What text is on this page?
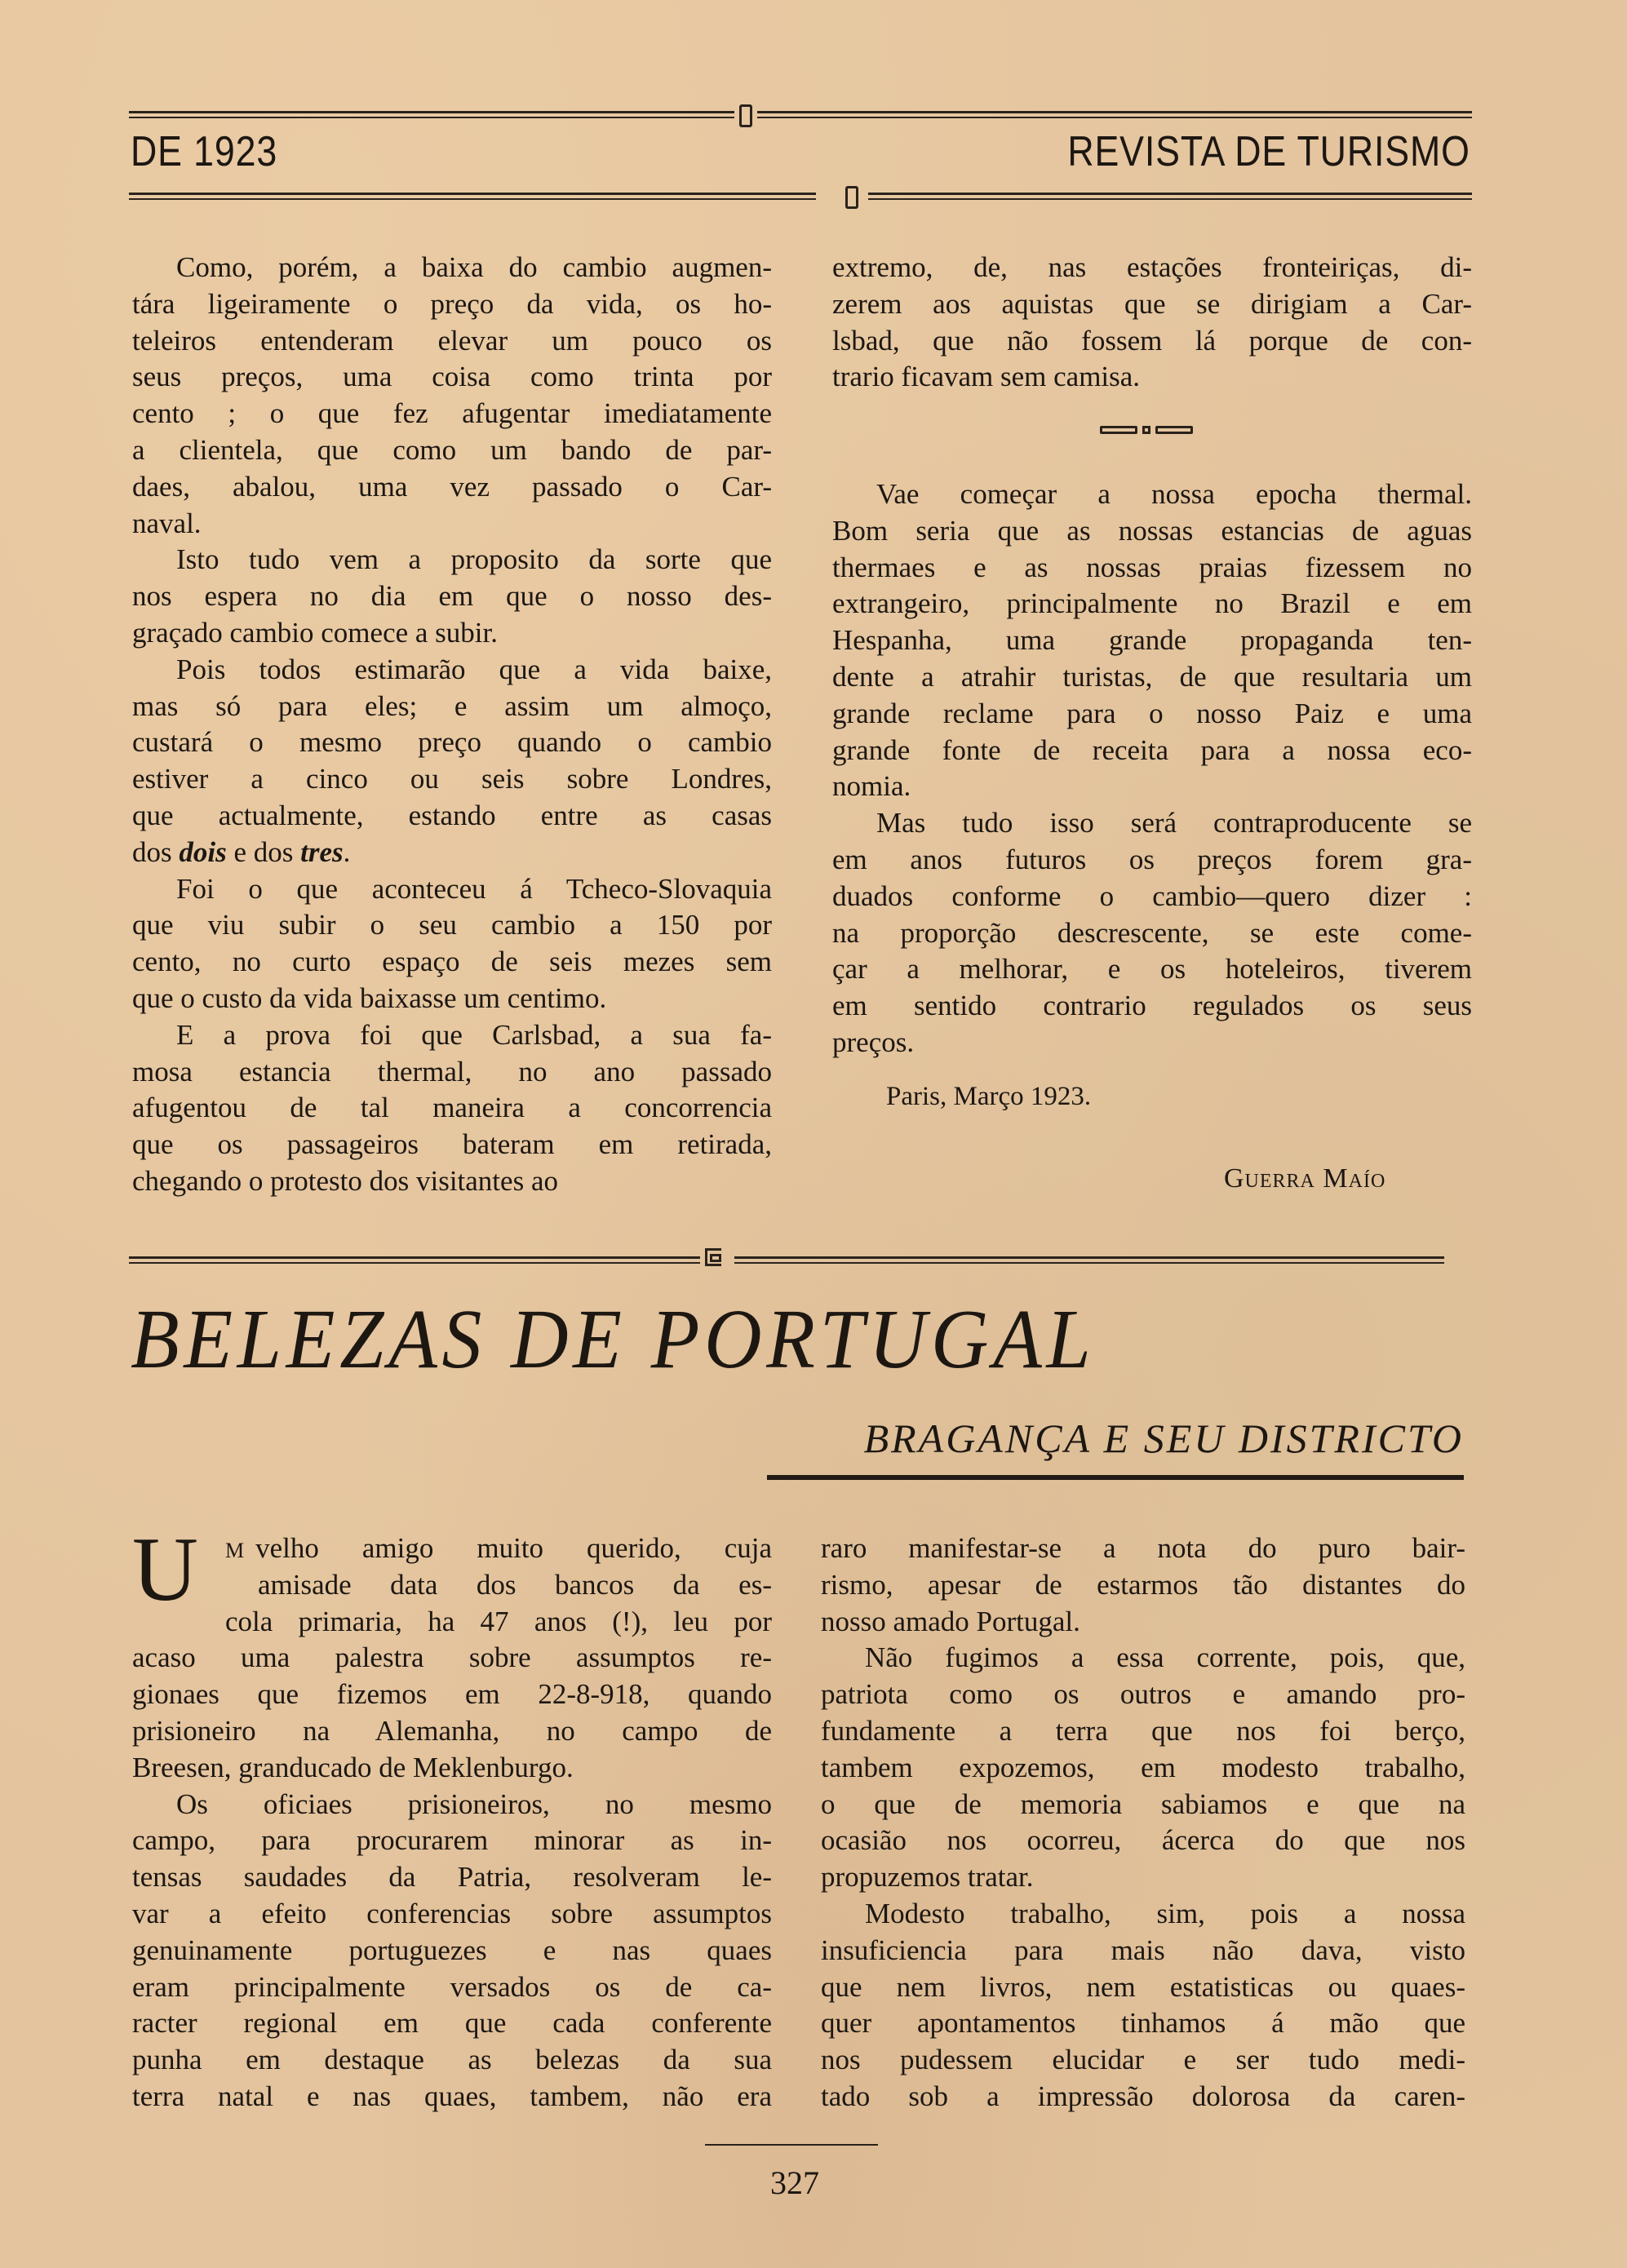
DE 1923	REVISTA DE TURISMO

Como, porém, a baixa do cambio augmen-
tára ligeiramente o preço da vida, os ho-
teleiros entenderam elevar um pouco os
seus preços, uma coisa como trinta por
cento ; o que fez afugentar imediatamente
a clientela, que como um bando de par-
daes, abalou, uma vez passado o Car-
naval.

Isto tudo vem a proposito da sorte que
nos espera no dia em que o nosso des-
graçado cambio comece a subir.

Pois todos estimarão que a vida baixe,
mas só para eles; e assim um almoço,
custará o mesmo preço quando o cambio
estiver a cinco ou seis sobre Londres,
que actualmente, estando entre as casas
dos dois e dos tres.

Foi o que aconteceu á Tcheco-Slovaquia
que viu subir o seu cambio a 150 por
cento, no curto espaço de seis mezes sem
que o custo da vida baixasse um centimo.

E a prova foi que Carlsbad, a sua fa-
mosa estancia thermal, no ano passado
afugentou de tal maneira a concorrencia
que os passageiros bateram em retirada,
chegando o protesto dos visitantes ao

extremo, de, nas estações fronteiriças, di-
zerem aos aquistas que se dirigiam a Car-
lsbad, que não fossem lá porque de con-
trario ficavam sem camisa.

Vae começar a nossa epocha thermal.
Bom seria que as nossas estancias de aguas
thermaes e as nossas praias fizessem no
extrangeiro, principalmente no Brazil e em
Hespanha, uma grande propaganda ten-
dente a atrahir turistas, de que resultaria um
grande reclame para o nosso Paiz e uma
grande fonte de receita para a nossa eco-
nomia.

Mas tudo isso será contraproducente se
em anos futuros os preços forem gra-
duados conforme o cambio—quero dizer :
na proporção descrescente, se este come-
çar a melhorar, e os hoteleiros, tiverem
em sentido contrario regulados os seus
preços.

Paris, Março 1923.
Guerra Maío
BELEZAS DE PORTUGAL
BRAGANÇA E SEU DISTRICTO

U	M velho amigo muito querido, cuja
amisade data dos bancos da es-
cola primaria, ha 47 anos (!), leu por
acaso uma palestra sobre assumptos re-
gionaes que fizemos em 22-8-918, quando
prisioneiro na Alemanha, no campo de
Breesen, granducado de Meklenburgo.

Os oficiaes prisioneiros, no mesmo
campo, para procurarem minorar as in-
tensas saudades da Patria, resolveram le-
var a efeito conferencias sobre assumptos
genuinamente portuguezes e nas quaes
eram principalmente versados os de ca-
racter regional em que cada conferente
punha em destaque as belezas da sua
terra natal e nas quaes, tambem, não era

raro manifestar-se a nota do puro bair-
rismo, apesar de estarmos tão distantes do
nosso amado Portugal.

Não fugimos a essa corrente, pois, que,
patriota como os outros e amando pro-
fundamente a terra que nos foi berço,
tambem expozemos, em modesto trabalho,
o que de memoria sabiamos e que na
ocasião nos ocorreu, ácerca do que nos
propuzemos tratar.

Modesto trabalho, sim, pois a nossa
insuficiencia para mais não dava, visto
que nem livros, nem estatisticas ou quaes-
quer apontamentos tinhamos á mão que
nos pudessem elucidar e ser tudo medi-
tado sob a impressão dolorosa da caren-

327
